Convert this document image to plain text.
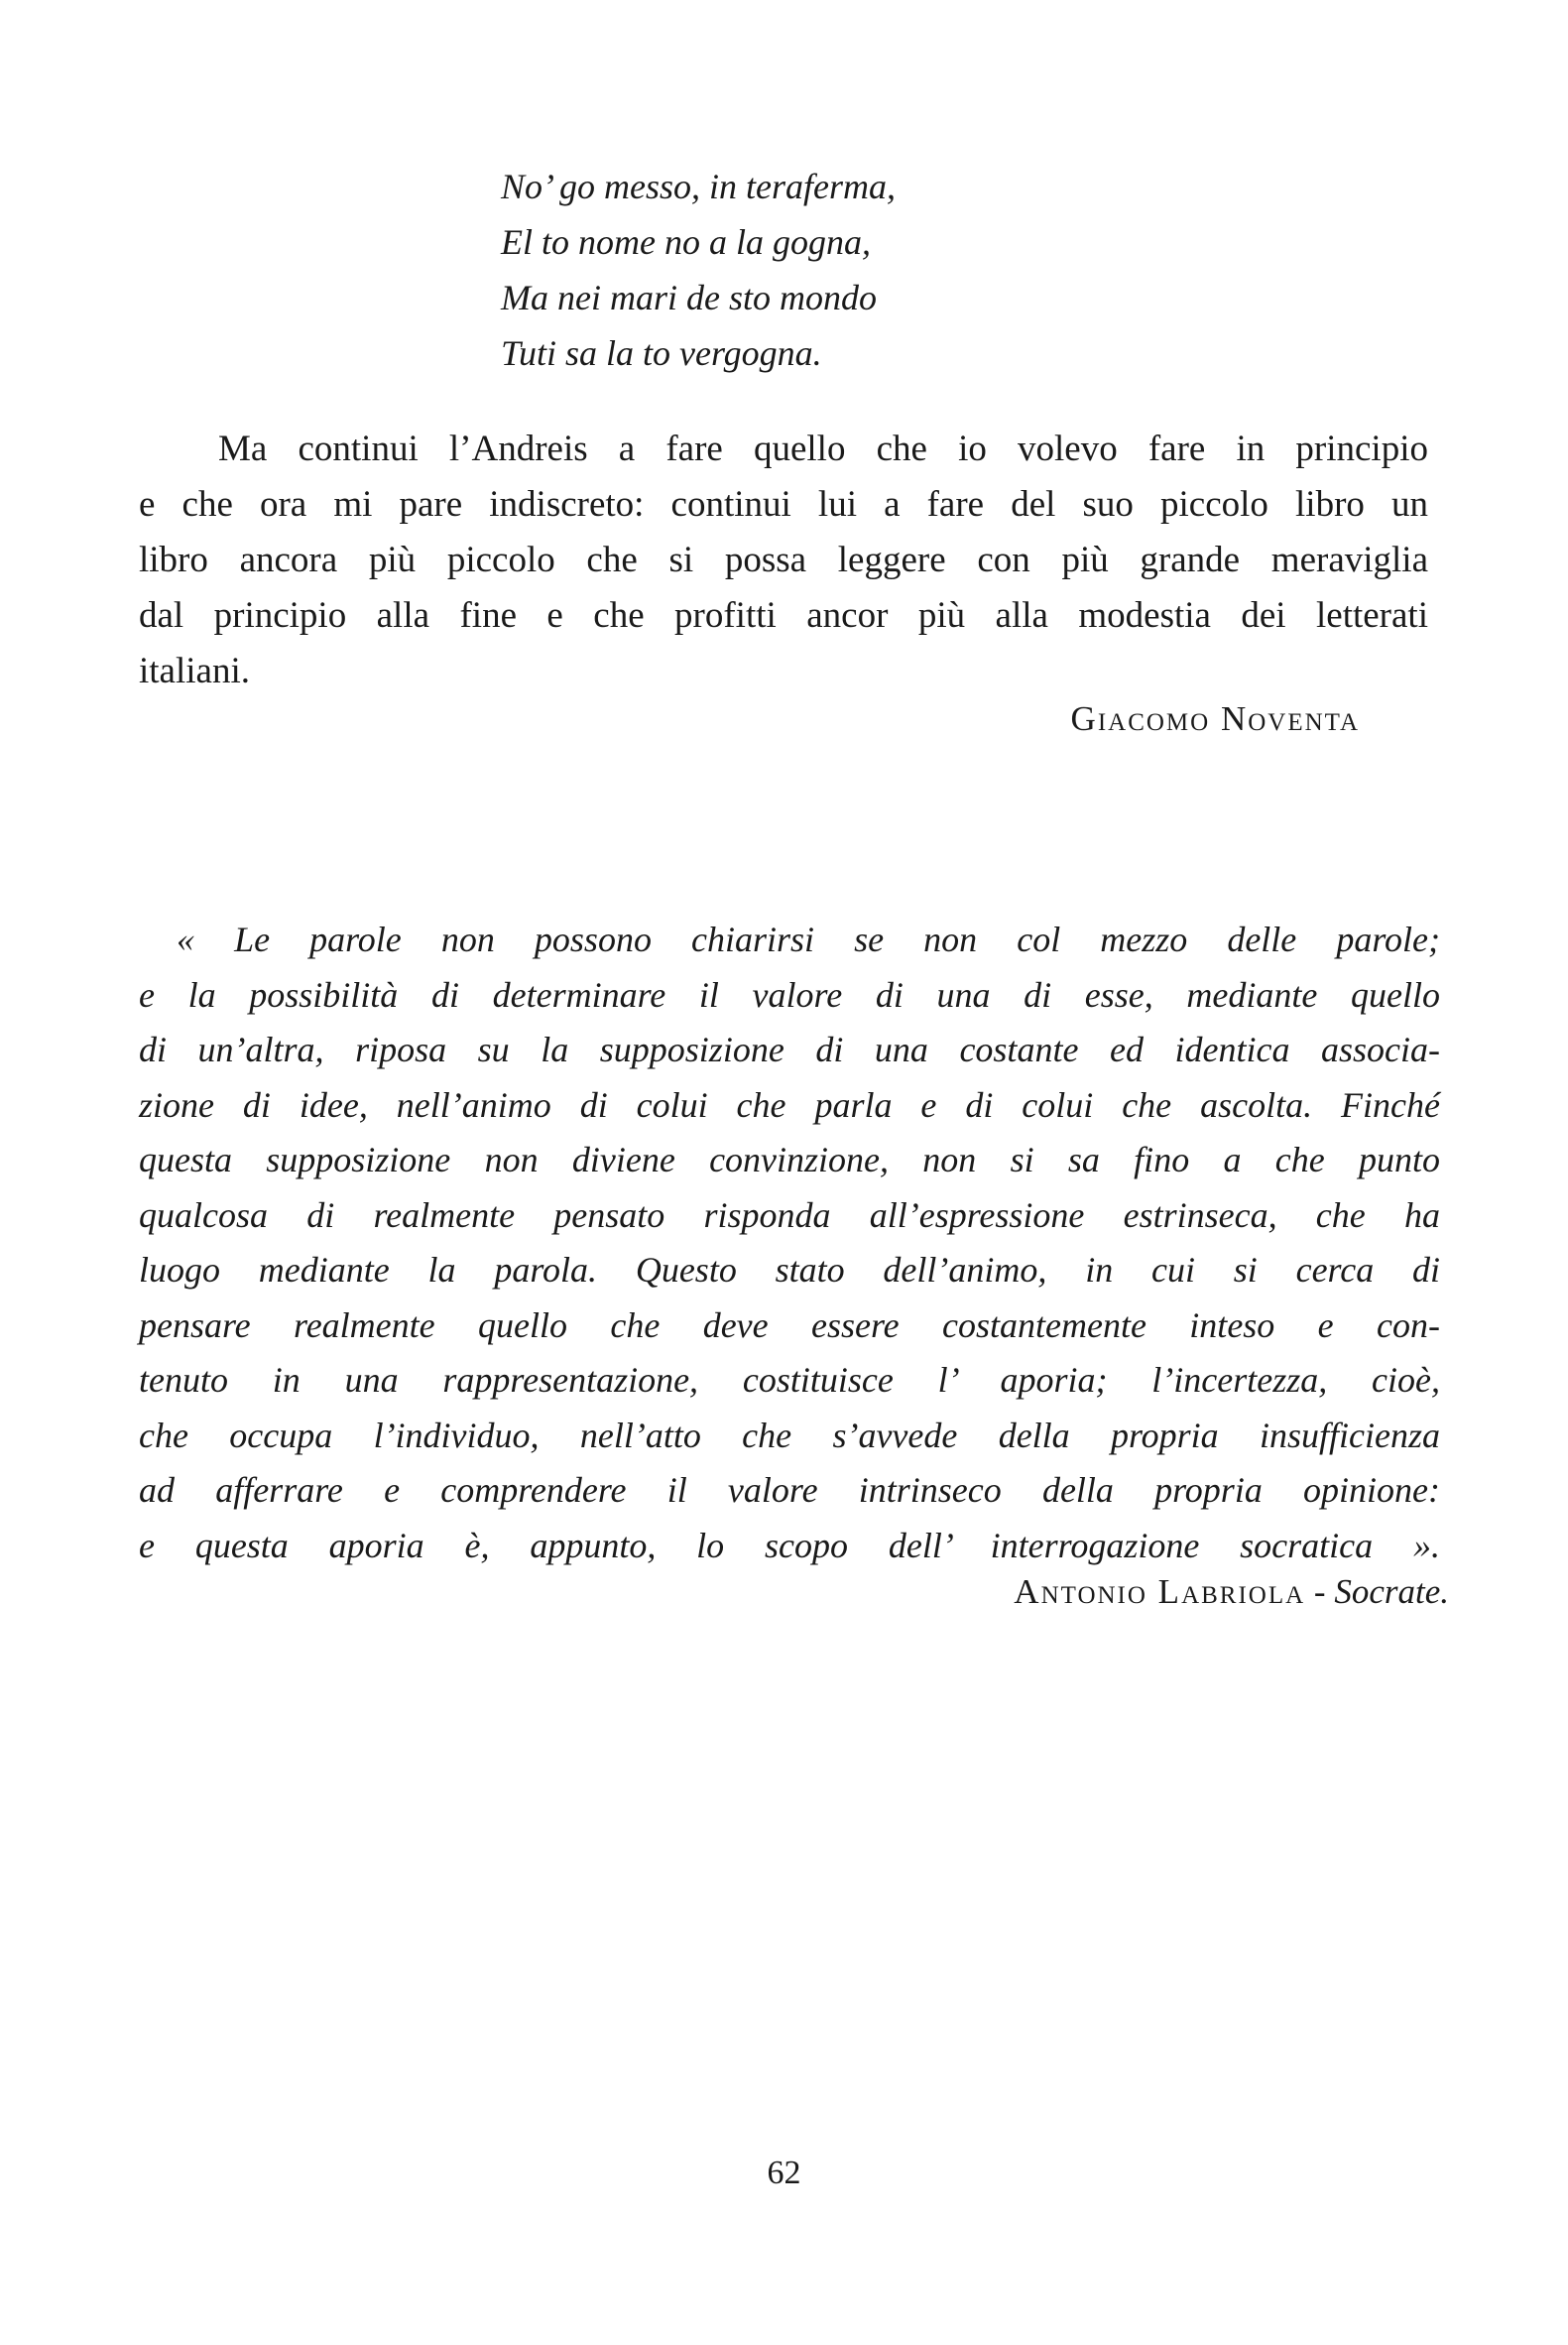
No’ go messo, in teraferma,
El to nome no a la gogna,
Ma nei mari de sto mondo
Tuti sa la to vergogna.
Ma continui l’Andreis a fare quello che io volevo fare in principio
e che ora mi pare indiscreto: continui lui a fare del suo piccolo libro un
libro ancora più piccolo che si possa leggere con più grande meraviglia
dal principio alla fine e che profitti ancor più alla modestia dei letterati
italiani.
Giacomo Noventa
« Le parole non possono chiarirsi se non col mezzo delle parole;
e la possibilità di determinare il valore di una di esse, mediante quello
di un’altra, riposa su la supposizione di una costante ed identica associa-
zione di idee, nell’animo di colui che parla e di colui che ascolta. Finché
questa supposizione non diviene convinzione, non si sa fino a che punto
qualcosa di realmente pensato risponda all’espressione estrinseca, che ha
luogo mediante la parola. Questo stato dell’animo, in cui si cerca di
pensare realmente quello che deve essere costantemente inteso e con-
tenuto in una rappresentazione, costituisce l’ aporia; l’incertezza, cioè,
che occupa l’individuo, nell’atto che s’avvede della propria insufficienza
ad afferrare e comprendere il valore intrinseco della propria opinione:
e questa aporia è, appunto, lo scopo dell’ interrogazione socratica ».
Antonio Labriola - Socrate.
62
